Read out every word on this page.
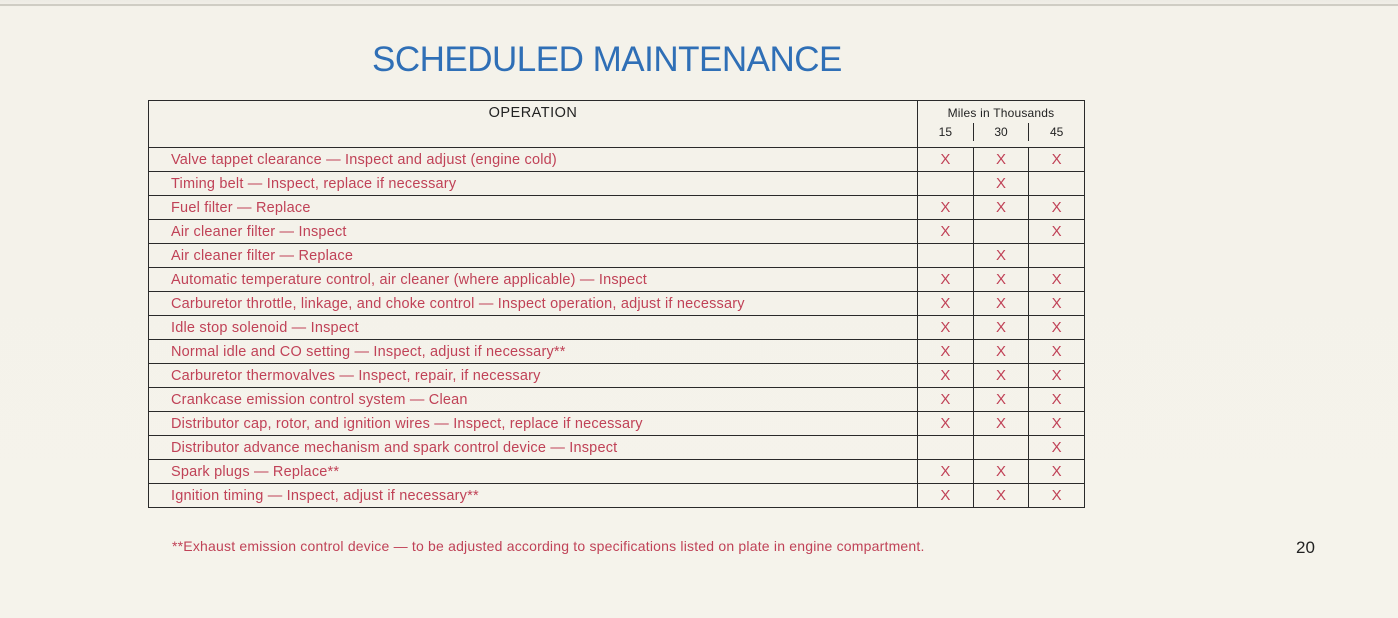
SCHEDULED MAINTENANCE
OPERATION	Miles in Thousands
15 30 45		

Valve tappet clearance — Inspect and adjust (engine cold)	X	X	X
Timing belt — Inspect, replace if necessary		X	
Fuel filter — Replace	X	X	X
Air cleaner filter — Inspect	X		X
Air cleaner filter — Replace		X	
Automatic temperature control, air cleaner (where applicable) — Inspect	X	X	X
Carburetor throttle, linkage, and choke control — Inspect operation, adjust if necessary	X	X	X
Idle stop solenoid — Inspect	X	X	X
Normal idle and CO setting — Inspect, adjust if necessary**	X	X	X
Carburetor thermovalves — Inspect, repair, if necessary	X	X	X
Crankcase emission control system — Clean	X	X	X
Distributor cap, rotor, and ignition wires — Inspect, replace if necessary	X	X	X
Distributor advance mechanism and spark control device — Inspect			X
Spark plugs — Replace**	X	X	X
Ignition timing — Inspect, adjust if necessary**	X	X	X
**Exhaust emission control device — to be adjusted according to specifications listed on plate in engine compartment.	20
